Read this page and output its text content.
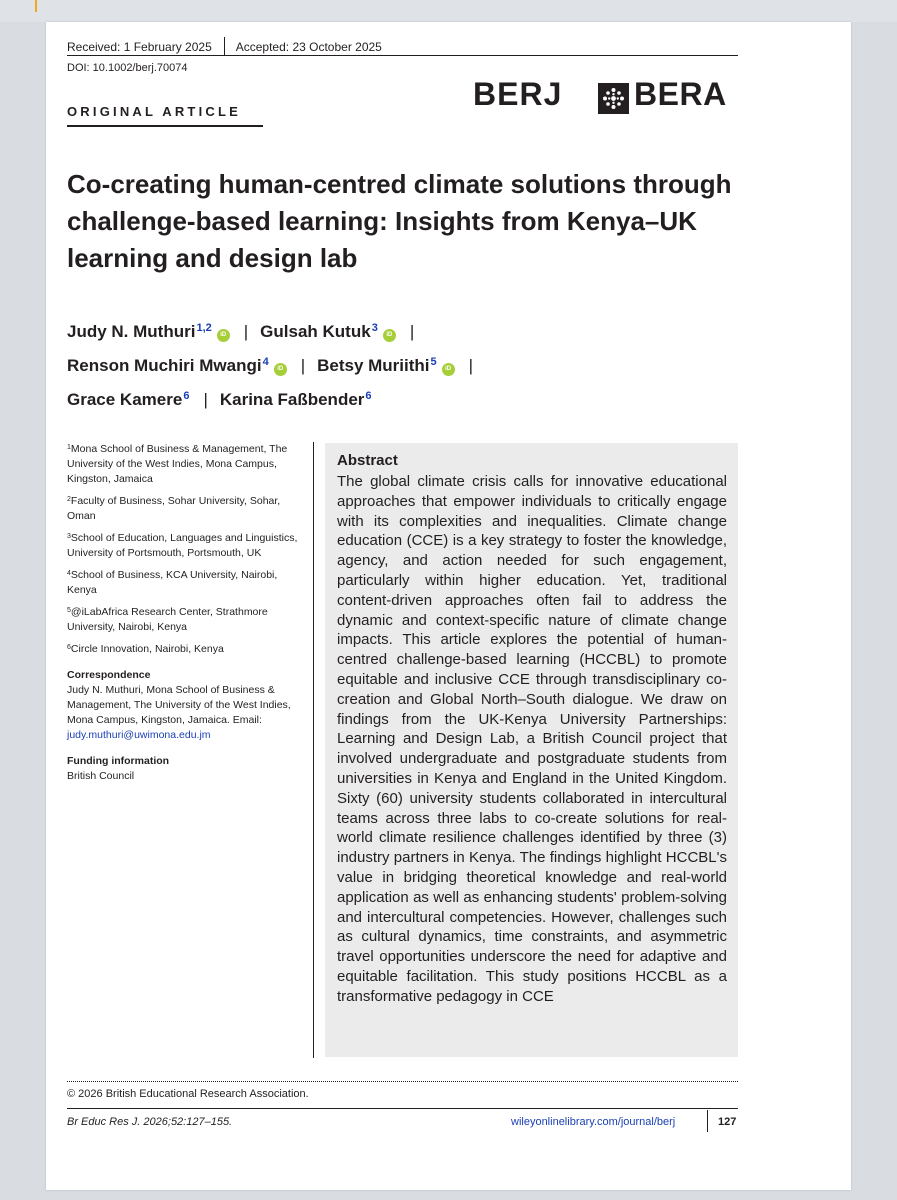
Received: 1 February 2025 Accepted: 23 October 2025
DOI: 10.1002/berj.70074
ORIGINAL ARTICLE	BERJ BERA
Co-creating human-centred climate solutions through challenge-based learning: Insights from Kenya–UK learning and design lab
Judy N. Muthuri$^{1,2}$iD | Gulsah Kutuk$^3$iD |
Renson Muchiri Mwangi$^4$iD | Betsy Muriithi$^5$iD |
Grace Kamere$^6$ | Karina Faßbender$^6$
$^1$Mona School of Business & Management, The University of the West Indies, Mona Campus, Kingston, Jamaica
$^2$Faculty of Business, Sohar University, Sohar, Oman
$^3$School of Education, Languages and Linguistics, University of Portsmouth, Portsmouth, UK
$^4$School of Business, KCA University, Nairobi, Kenya
$^5$@iLabAfrica Research Center, Strathmore University, Nairobi, Kenya
$^6$Circle Innovation, Nairobi, Kenya
Correspondence
Judy N. Muthuri, Mona School of Business & Management, The University of the West Indies, Mona Campus, Kingston, Jamaica. Email: judy.muthuri@uwimona.edu.jm
Funding information
British Council
Abstract
The global climate crisis calls for innovative educational approaches that empower individuals to critically engage with its complexities and inequalities. Climate change education (CCE) is a key strategy to foster the knowledge, agency, and action needed for such engagement, particularly within higher education. Yet, traditional content-driven approaches often fail to address the dynamic and context-specific nature of climate change impacts. This article explores the potential of human-centred challenge-based learning (HCCBL) to promote equitable and inclusive CCE through transdisciplinary co-creation and Global North–South dialogue. We draw on findings from the UK-Kenya University Partnerships: Learning and Design Lab, a British Council project that involved undergraduate and postgraduate students from universities in Kenya and England in the United Kingdom. Sixty (60) university students collaborated in intercultural teams across three labs to co-create solutions for real-world climate resilience challenges identified by three (3) industry partners in Kenya. The findings highlight HCCBL's value in bridging theoretical knowledge and real-world application as well as enhancing students' problem-solving and intercultural competencies. However, challenges such as cultural dynamics, time constraints, and asymmetric travel opportunities underscore the need for adaptive and equitable facilitation. This study positions HCCBL as a transformative pedagogy in CCE
© 2026 British Educational Research Association.
Br Educ Res J. 2026;52:127–155.	wileyonlinelibrary.com/journal/berj	127
